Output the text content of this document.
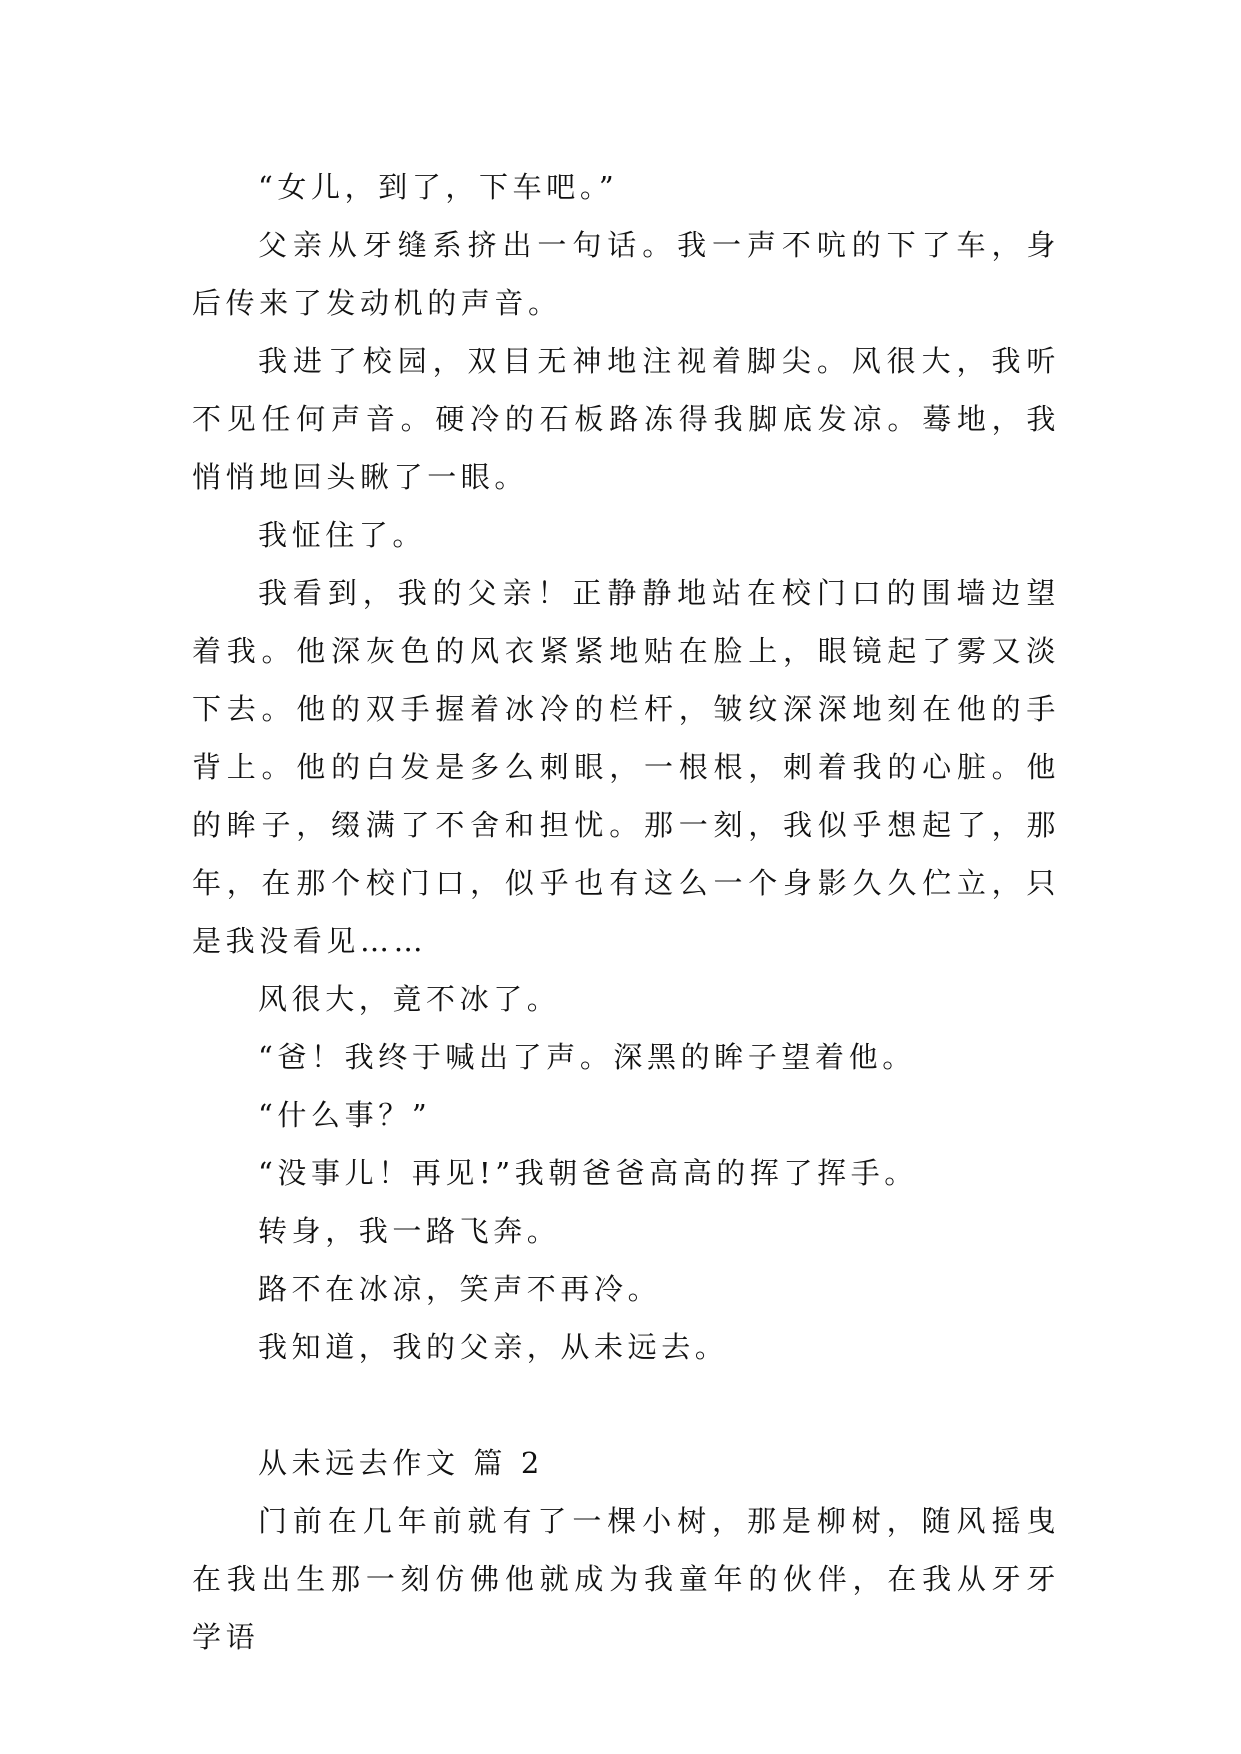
“女儿，到了，下车吧。”

父亲从牙缝系挤出一句话。我一声不吭的下了车，身后传来了发动机的声音。

我进了校园，双目无神地注视着脚尖。风很大，我听不见任何声音。硬冷的石板路冻得我脚底发凉。蓦地，我悄悄地回头瞅了一眼。

我怔住了。

我看到，我的父亲！正静静地站在校门口的围墙边望着我。他深灰色的风衣紧紧地贴在脸上，眼镜起了雾又淡下去。他的双手握着冰冷的栏杆，皱纹深深地刻在他的手背上。他的白发是多么刺眼，一根根，刺着我的心脏。他的眸子，缀满了不舍和担忧。那一刻，我似乎想起了，那年，在那个校门口，似乎也有这么一个身影久久伫立，只是我没看见……

风很大，竟不冰了。

“爸！我终于喊出了声。深黑的眸子望着他。

“什么事？”

“没事儿！再见!”我朝爸爸高高的挥了挥手。

转身，我一路飞奔。

路不在冰凉，笑声不再冷。

我知道，我的父亲，从未远去。

从未远去作文 篇 2

门前在几年前就有了一棵小树，那是柳树，随风摇曳在我出生那一刻仿佛他就成为我童年的伙伴，在我从牙牙学语
